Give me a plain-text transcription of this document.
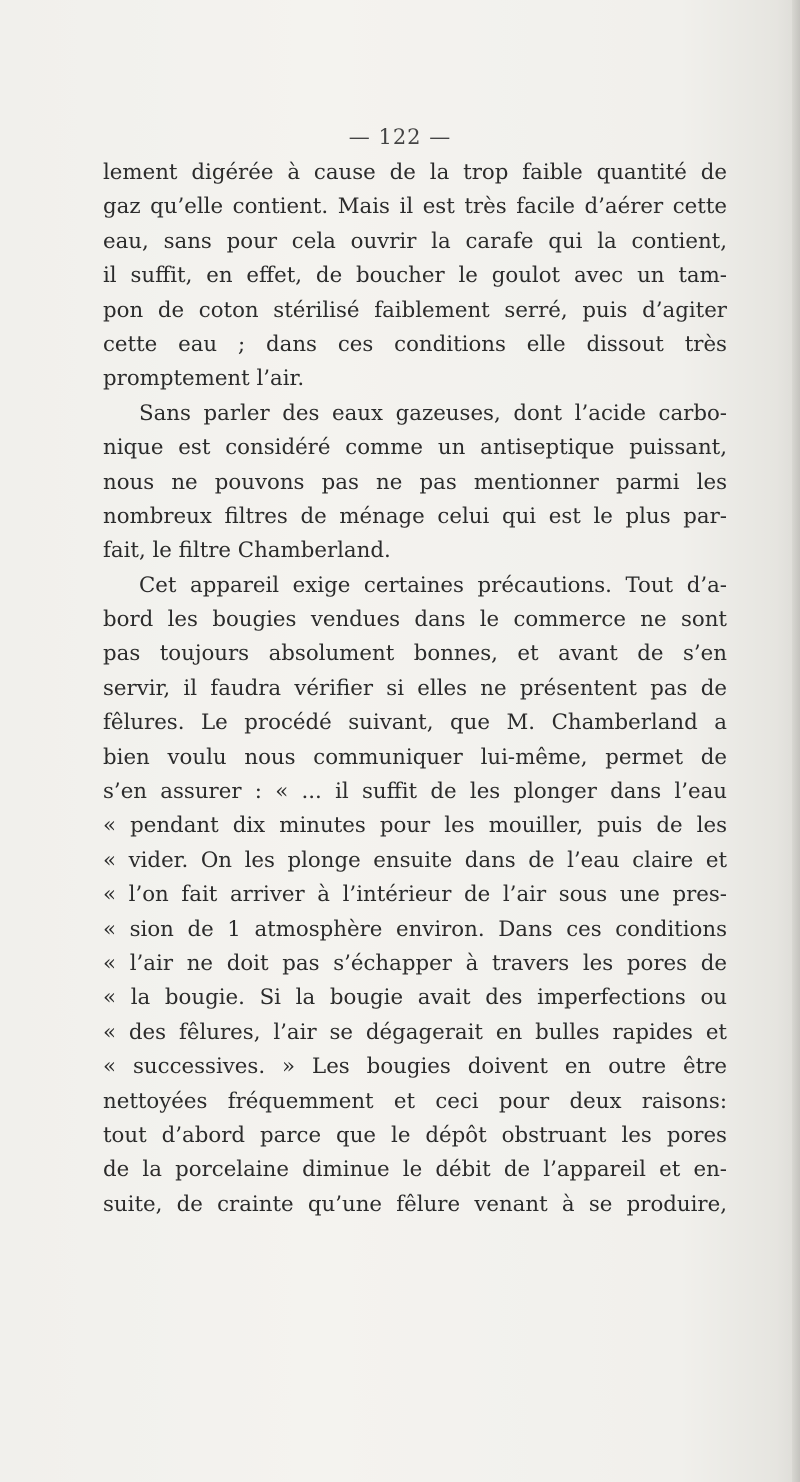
— 122 —
lement digérée à cause de la trop faible quantité de
gaz qu’elle contient. Mais il est très facile d’aérer cette
eau, sans pour cela ouvrir la carafe qui la contient,
il suffit, en effet, de boucher le goulot avec un tam-
pon de coton stérilisé faiblement serré, puis d’agiter
cette eau ; dans ces conditions elle dissout très
promptement l’air.
Sans parler des eaux gazeuses, dont l’acide carbo-
nique est considéré comme un antiseptique puissant,
nous ne pouvons pas ne pas mentionner parmi les
nombreux filtres de ménage celui qui est le plus par-
fait, le filtre Chamberland.
Cet appareil exige certaines précautions. Tout d’a-
bord les bougies vendues dans le commerce ne sont
pas toujours absolument bonnes, et avant de s’en
servir, il faudra vérifier si elles ne présentent pas de
fêlures. Le procédé suivant, que M. Chamberland a
bien voulu nous communiquer lui-même, permet de
s’en assurer : « ... il suffit de les plonger dans l’eau
« pendant dix minutes pour les mouiller, puis de les
« vider. On les plonge ensuite dans de l’eau claire et
« l’on fait arriver à l’intérieur de l’air sous une pres-
« sion de 1 atmosphère environ. Dans ces conditions
« l’air ne doit pas s’échapper à travers les pores de
« la bougie. Si la bougie avait des imperfections ou
« des fêlures, l’air se dégagerait en bulles rapides et
« successives. » Les bougies doivent en outre être
nettoyées fréquemment et ceci pour deux raisons:
tout d’abord parce que le dépôt obstruant les pores
de la porcelaine diminue le débit de l’appareil et en-
suite, de crainte qu’une fêlure venant à se produire,
